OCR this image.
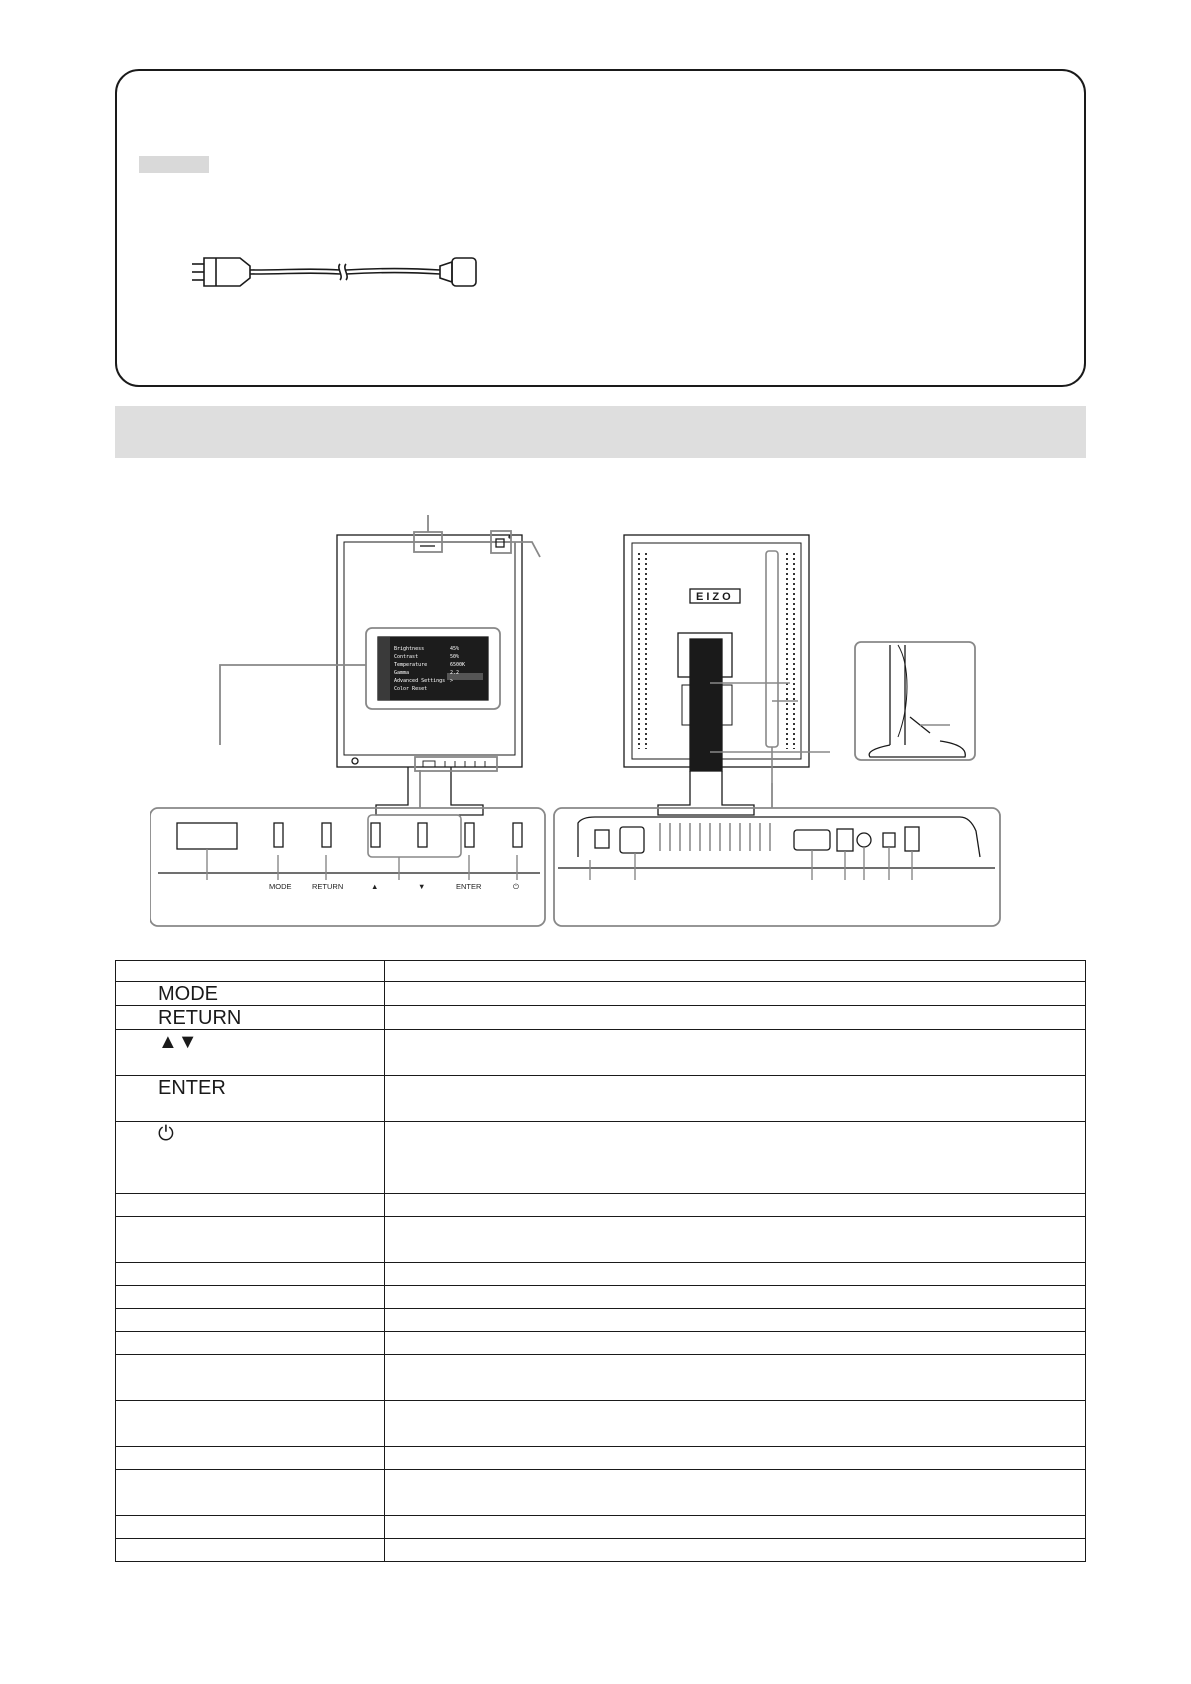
Brightness	45%
Contrast	50%
Temperature	6500K
Gamma	2.2
Advanced Settings >
Color Reset
EIZO
MODE	RETURN	▲	▼	ENTER	⏻

MODE	
RETURN	
▲▼	
ENTER	
⏻	
